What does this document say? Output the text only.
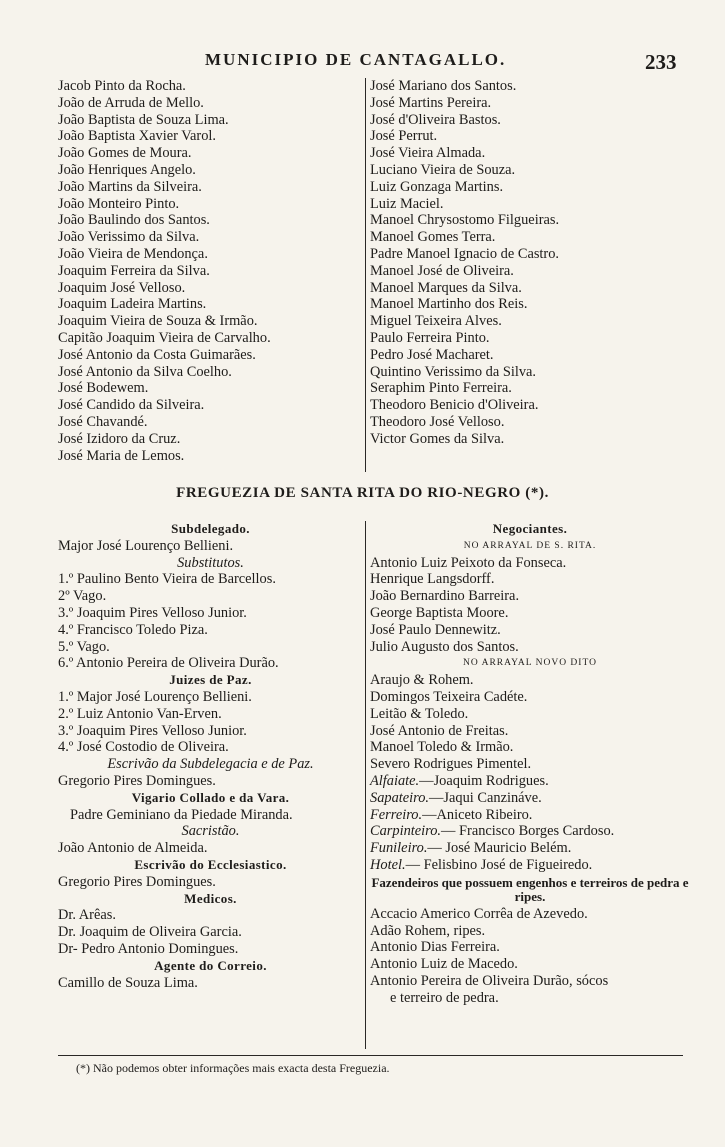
MUNICIPIO DE CANTAGALLO.	233
Jacob Pinto da Rocha.
João de Arruda de Mello.
João Baptista de Souza Lima.
João Baptista Xavier Varol.
João Gomes de Moura.
João Henriques Angelo.
João Martins da Silveira.
João Monteiro Pinto.
João Baulindo dos Santos.
João Verissimo da Silva.
João Vieira de Mendonça.
Joaquim Ferreira da Silva.
Joaquim José Velloso.
Joaquim Ladeira Martins.
Joaquim Vieira de Souza & Irmão.
Capitão Joaquim Vieira de Carvalho.
José Antonio da Costa Guimarães.
José Antonio da Silva Coelho.
José Bodewem.
José Candido da Silveira.
José Chavandé.
José Izidoro da Cruz.
José Maria de Lemos.
José Mariano dos Santos.
José Martins Pereira.
José d'Oliveira Bastos.
José Perrut.
José Vieira Almada.
Luciano Vieira de Souza.
Luiz Gonzaga Martins.
Luiz Maciel.
Manoel Chrysostomo Filgueiras.
Manoel Gomes Terra.
Padre Manoel Ignacio de Castro.
Manoel José de Oliveira.
Manoel Marques da Silva.
Manoel Martinho dos Reis.
Miguel Teixeira Alves.
Paulo Ferreira Pinto.
Pedro José Macharet.
Quintino Verissimo da Silva.
Seraphim Pinto Ferreira.
Theodoro Benicio d'Oliveira.
Theodoro José Velloso.
Victor Gomes da Silva.
FREGUEZIA DE SANTA RITA DO RIO-NEGRO (*).
Subdelegado.
Major José Lourenço Bellieni.
Substitutos.
1.º Paulino Bento Vieira de Barcellos.
2º Vago.
3.º Joaquim Pires Velloso Junior.
4.º Francisco Toledo Piza.
5.º Vago.
6.º Antonio Pereira de Oliveira Durão.
Juizes de Paz.
1.º Major José Lourenço Bellieni.
2.º Luiz Antonio Van-Erven.
3.º Joaquim Pires Velloso Junior.
4.º José Costodio de Oliveira.
Escrivão da Subdelegacia e de Paz.
Gregorio Pires Domingues.
Vigario Collado e da Vara.
Padre Geminiano da Piedade Miranda.
Sacristão.
João Antonio de Almeida.
Escrivão do Ecclesiastico.
Gregorio Pires Domingues.
Medicos.
Dr. Arêas.
Dr. Joaquim de Oliveira Garcia.
Dr- Pedro Antonio Domingues.
Agente do Correio.
Camillo de Souza Lima.
Negociantes.
NO ARRAYAL DE S. RITA.
Antonio Luiz Peixoto da Fonseca.
Henrique Langsdorff.
João Bernardino Barreira.
George Baptista Moore.
José Paulo Dennewitz.
Julio Augusto dos Santos.
NO ARRAYAL NOVO DITO
Araujo & Rohem.
Domingos Teixeira Cadéte.
Leitão & Toledo.
José Antonio de Freitas.
Manoel Toledo & Irmão.
Severo Rodrigues Pimentel.
Alfaiate.—Joaquim Rodrigues.
Sapateiro.—Jaqui Canzináve.
Ferreiro.—Aniceto Ribeiro.
Carpinteiro.— Francisco Borges Cardoso.
Funileiro.— José Mauricio Belém.
Hotel.— Felisbino José de Figueiredo.
Fazendeiros que possuem engenhos e terreiros de pedra e ripes.
Accacio Americo Corrêa de Azevedo.
Adão Rohem, ripes.
Antonio Dias Ferreira.
Antonio Luiz de Macedo.
Antonio Pereira de Oliveira Durão, sócos
e terreiro de pedra.
(*) Não podemos obter informações mais exacta desta Freguezia.
